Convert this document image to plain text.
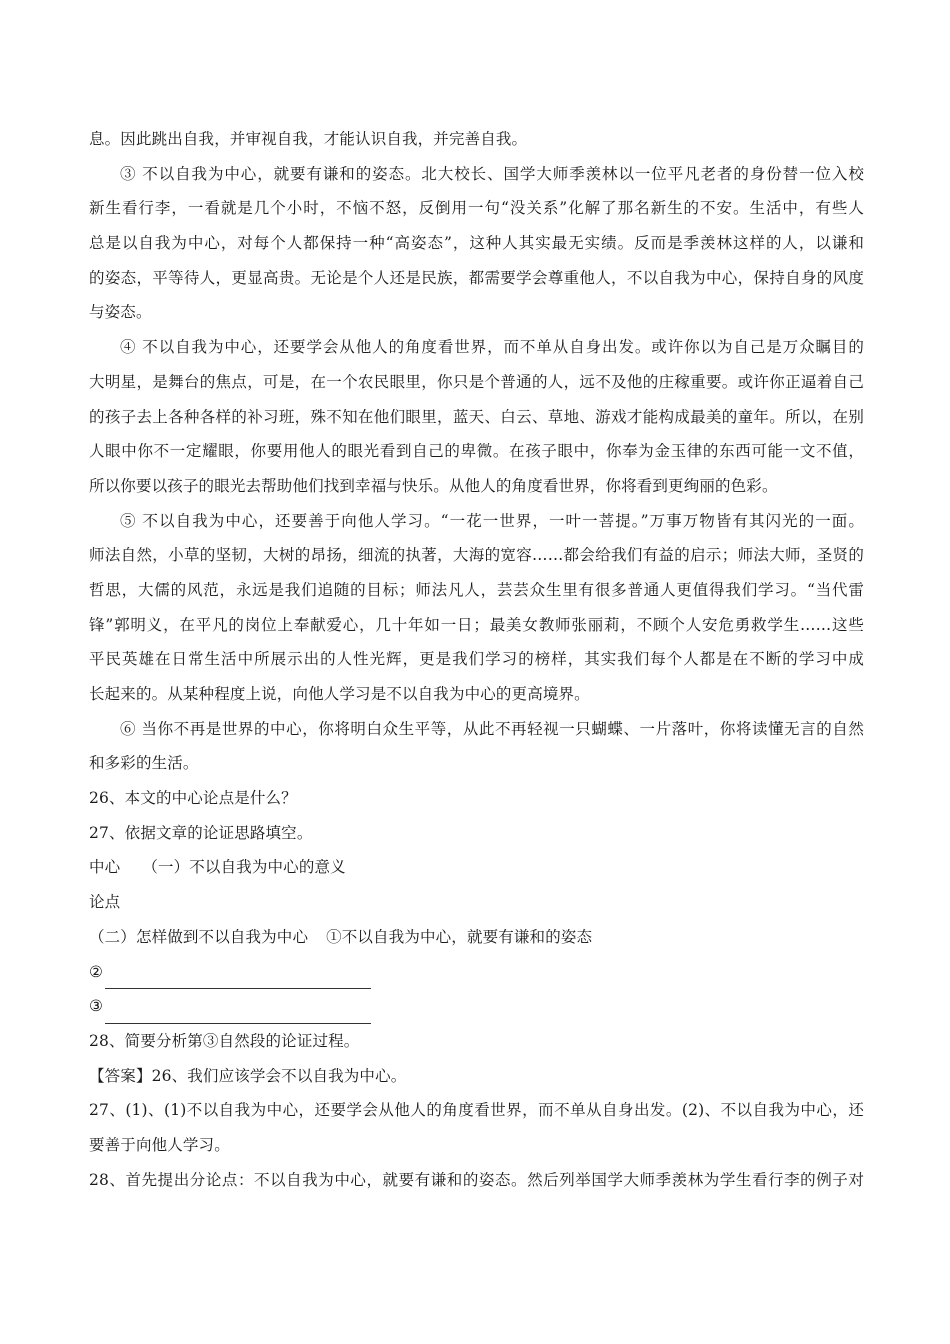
息。因此跳出自我，并审视自我，才能认识自我，并完善自我。
③ 不以自我为中心，就要有谦和的姿态。北大校长、国学大师季羡林以一位平凡老者的身份替一位入校
新生看行李，一看就是几个小时，不恼不怒，反倒用一句“没关系”化解了那名新生的不安。生活中，有些人
总是以自我为中心，对每个人都保持一种“高姿态”，这种人其实最无实绩。反而是季羡林这样的人，以谦和
的姿态，平等待人，更显高贵。无论是个人还是民族，都需要学会尊重他人，不以自我为中心，保持自身的风度
与姿态。
④ 不以自我为中心，还要学会从他人的角度看世界，而不单从自身出发。或许你以为自己是万众瞩目的
大明星，是舞台的焦点，可是，在一个农民眼里，你只是个普通的人，远不及他的庄稼重要。或许你正逼着自己
的孩子去上各种各样的补习班，殊不知在他们眼里，蓝天、白云、草地、游戏才能构成最美的童年。所以，在别
人眼中你不一定耀眼，你要用他人的眼光看到自己的卑微。在孩子眼中，你奉为金玉律的东西可能一文不值，
所以你要以孩子的眼光去帮助他们找到幸福与快乐。从他人的角度看世界，你将看到更绚丽的色彩。
⑤ 不以自我为中心，还要善于向他人学习。“一花一世界，一叶一菩提。”万事万物皆有其闪光的一面。
师法自然，小草的坚韧，大树的昂扬，细流的执著，大海的宽容……都会给我们有益的启示；师法大师，圣贤的
哲思，大儒的风范，永远是我们追随的目标；师法凡人，芸芸众生里有很多普通人更值得我们学习。“当代雷
锋”郭明义，在平凡的岗位上奉献爱心，几十年如一日；最美女教师张丽莉，不顾个人安危勇救学生……这些
平民英雄在日常生活中所展示出的人性光辉，更是我们学习的榜样，其实我们每个人都是在不断的学习中成
长起来的。从某种程度上说，向他人学习是不以自我为中心的更高境界。
⑥ 当你不再是世界的中心，你将明白众生平等，从此不再轻视一只蝴蝶、一片落叶，你将读懂无言的自然
和多彩的生活。
26、本文的中心论点是什么？
27、依据文章的论证思路填空。
中心 （一）不以自我为中心的意义
论点
（二）怎样做到不以自我为中心 ①不以自我为中心，就要有谦和的姿态
②
③
28、简要分析第③自然段的论证过程。
【答案】26、我们应该学会不以自我为中心。
27、(1)、(1)不以自我为中心，还要学会从他人的角度看世界，而不单从自身出发。(2)、不以自我为中心，还
要善于向他人学习。
28、首先提出分论点：不以自我为中心，就要有谦和的姿态。然后列举国学大师季羡林为学生看行李的例子对
